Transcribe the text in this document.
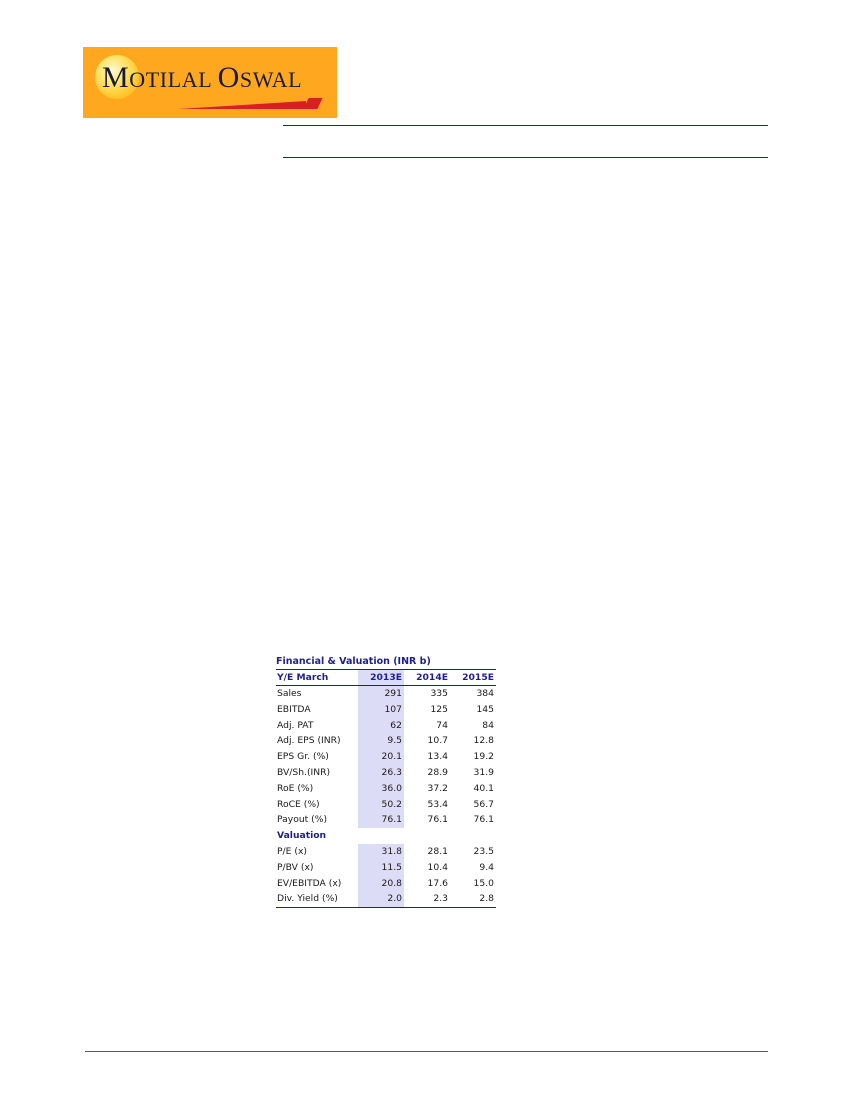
MOTILAL OSWAL
Financial & Valuation (INR b)
Y/E March	2013E	2014E	2015E
Sales	291	335	384
EBITDA	107	125	145
Adj. PAT	62	74	84
Adj. EPS (INR)	9.5	10.7	12.8
EPS Gr. (%)	20.1	13.4	19.2
BV/Sh.(INR)	26.3	28.9	31.9
RoE (%)	36.0	37.2	40.1
RoCE (%)	50.2	53.4	56.7
Payout (%)	76.1	76.1	76.1
Valuation
P/E (x)	31.8	28.1	23.5
P/BV (x)	11.5	10.4	9.4
EV/EBITDA (x)	20.8	17.6	15.0
Div. Yield (%)	2.0	2.3	2.8
